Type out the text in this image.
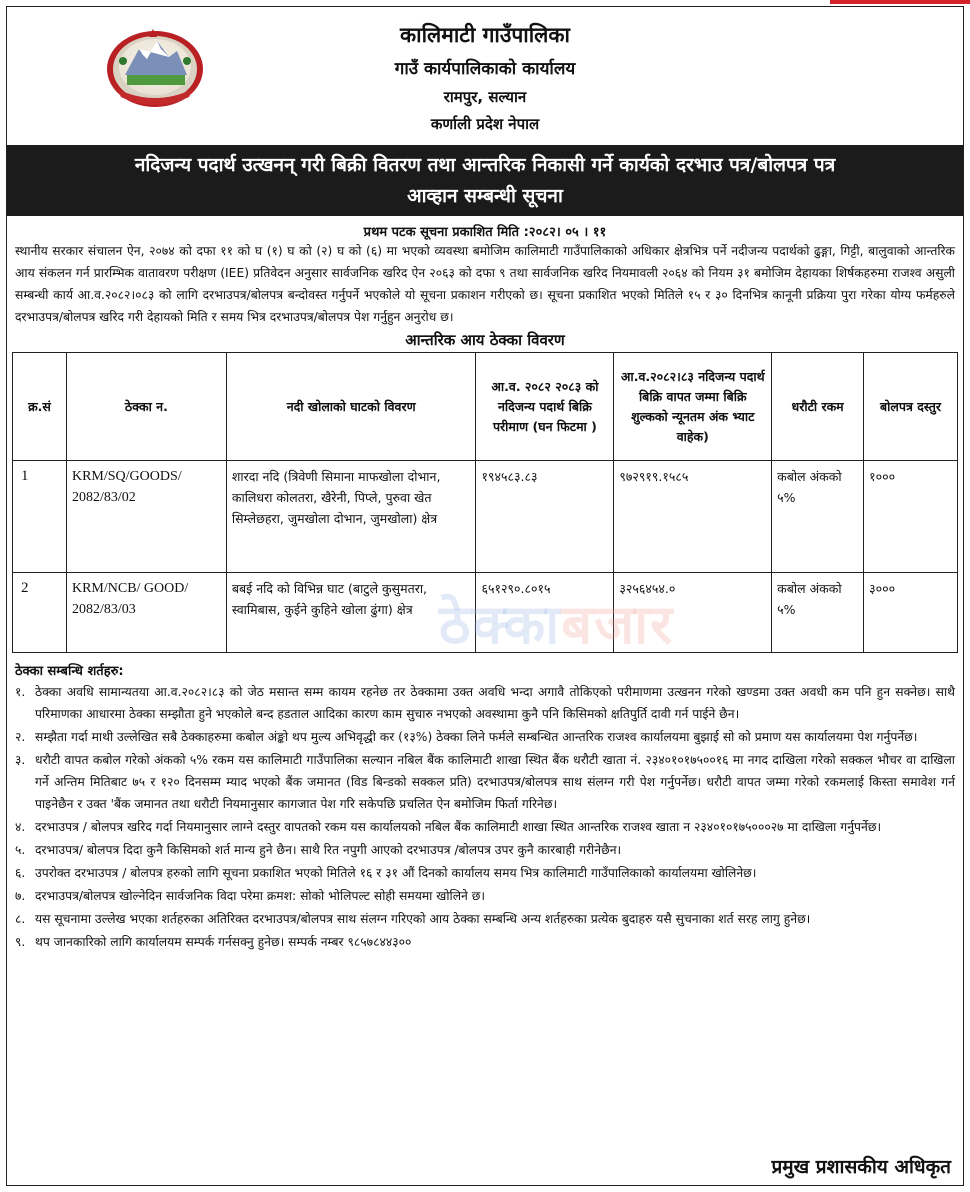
कालिमाटी गाउँपालिका

गाउँ कार्यपालिकाको कार्यालय

रामपुर, सल्यान

कर्णाली प्रदेश नेपाल

नदिजन्य पदार्थ उत्खनन् गरी बिक्री वितरण तथा आन्तरिक निकासी गर्ने कार्यको दरभाउ पत्र/बोलपत्र पत्र
आव्हान सम्बन्धी सूचना
प्रथम पटक सूचना प्रकाशित मिति :२०८२। ०५ । ११

स्थानीय सरकार संचालन ऐन, २०७४ को दफा ११ को घ (१) घ को (२) घ को (६) मा भएको व्यवस्था बमोजिम कालिमाटी गाउँपालिकाको अधिकार क्षेत्रभित्र पर्ने नदीजन्य पदार्थको ढुङ्गा, गिट्टी, बालुवाको आन्तरिक आय संकलन गर्न प्रारम्भिक वातावरण परीक्षण (IEE) प्रतिवेदन अनुसार सार्वजनिक खरिद ऐन २०६३ को दफा ९ तथा सार्वजनिक खरिद नियमावली २०६४ को नियम ३१ बमोजिम देहायका शिर्षकहरुमा राजश्व असुली सम्बन्धी कार्य आ.व.२०८२।०८३ को लागि दरभाउपत्र/बोलपत्र बन्दोवस्त गर्नुपर्ने भएकोले यो सूचना प्रकाशन गरीएको छ। सूचना प्रकाशित भएको मितिले १५ र ३० दिनभित्र कानूनी प्रक्रिया पुरा गरेका योग्य फर्महरुले दरभाउपत्र/बोलपत्र खरिद गरी देहायको मिति र समय भित्र दरभाउपत्र/बोलपत्र पेश गर्नुहुन अनुरोध छ।

आन्तरिक आय ठेक्का विवरण
क्र.सं	ठेक्का न.	नदी खोलाको घाटको विवरण	आ.व. २०८२ २०८३ को नदिजन्य पदार्थ बिक्रि परीमाण (घन फिटमा )	आ.व.२०८२।८३ नदिजन्य पदार्थ बिक्रि वापत जम्मा बिक्रि शुल्कको न्यूनतम अंक भ्याट वाहेक)	धरौटी रकम	बोलपत्र दस्तुर
1	KRM/SQ/GOODS/ 2082/83/02	शारदा नदि (त्रिवेणी सिमाना माफखोला दोभान, कालिधरा कोलतरा, खैरेनी, पिप्ले, पुरुवा खेत सिम्लेछहरा, जुमखोला दोभान, जुमखोला) क्षेत्र	१९४५८३.८३	९७२९१९.१५८५	कबोल अंकको ५%	१०००
2	KRM/NCB/ GOOD/ 2082/83/03	बबई नदि को विभिन्न घाट (बाटुले कुसुमतरा, स्वामिबास, कुईने कुहिने खोला ढुंगा) क्षेत्र	६५१२९०.८०१५	३२५६४५४.०	कबोल अंकको ५%	३०००
ठेक्का सम्बन्धि शर्तहरु:
१. ठेक्का अवधि सामान्यतया आ.व.२०८२।८३ को जेठ मसान्त सम्म कायम रहनेछ तर ठेक्कामा उक्त अवधि भन्दा अगावै तोकिएको परीमाणमा उत्खनन गरेको खण्डमा उक्त अवधी कम पनि हुन सक्नेछ। साथै परिमाणका आधारमा ठेक्का सम्झौता हुने भएकोले बन्द हडताल आदिका कारण काम सुचारु नभएको अवस्थामा कुनै पनि किसिमको क्षतिपुर्ति दावी गर्न पाईने छैन।
२. सम्झैता गर्दा माथी उल्लेखित सबै ठेक्काहरुमा कबोल अंङ्को थप मुल्य अभिवृद्धी कर (१३%) ठेक्का लिने फर्मले सम्बन्धित आन्तरिक राजश्व कार्यालयमा बुझाई सो को प्रमाण यस कार्यालयमा पेश गर्नुपर्नेछ।
३. धरौटी वापत कबोल गरेको अंकको ५% रकम यस कालिमाटी गाउँपालिका सल्यान नबिल बैंक कालिमाटी शाखा स्थित बैंक धरौटी खाता नं. २३४०१०१७५००१६ मा नगद दाखिला गरेको सक्कल भौचर वा दाखिला गर्ने अन्तिम मितिबाट ७५ र १२० दिनसम्म म्याद भएको बैंक जमानत (विड बिन्डको सक्कल प्रति) दरभाउपत्र/बोलपत्र साथ संलग्न गरी पेश गर्नुपर्नेछ। धरौटी वापत जम्मा गरेको रकमलाई किस्ता समावेश गर्न पाइनेछैन र उक्त 'बैंक जमानत तथा धरौटी नियमानुसार कागजात पेश गरि सकेपछि प्रचलित ऐन बमोजिम फिर्ता गरिनेछ।
४. दरभाउपत्र / बोलपत्र खरिद गर्दा नियमानुसार लाग्ने दस्तुर वापतको रकम यस कार्यालयको नबिल बैंक कालिमाटी शाखा स्थित आन्तरिक राजश्व खाता न २३४०१०१७५०००२७ मा दाखिला गर्नुपर्नेछ।
५. दरभाउपत्र/ बोलपत्र दिदा कुनै किसिमको शर्त मान्य हुने छैन। साथै रित नपुगी आएको दरभाउपत्र /बोलपत्र उपर कुनै कारबाही गरीनेछैन।
६. उपरोक्त दरभाउपत्र / बोलपत्र हरुको लागि सूचना प्रकाशित भएको मितिले १६ र ३१ औं दिनको कार्यालय समय भित्र कालिमाटी गाउँपालिकाको कार्यालयमा खोलिनेछ।
७. दरभाउपत्र/बोलपत्र खोल्नेदिन सार्वजनिक विदा परेमा क्रमश: सोको भोलिपल्ट सोही समयमा खोलिने छ।
८. यस सूचनामा उल्लेख भएका शर्तहरुका अतिरिक्त दरभाउपत्र/बोलपत्र साथ संलग्न गरिएको आय ठेक्का सम्बन्धि अन्य शर्तहरुका प्रत्येक बुदाहरु यसै सुचनाका शर्त सरह लागु हुनेछ।
९. थप जानकारिको लागि कार्यालयम सम्पर्क गर्नसक्नु हुनेछ। सम्पर्क नम्बर ९८५७८४४३००
प्रमुख प्रशासकीय अधिकृत
ठेक्काबजार
